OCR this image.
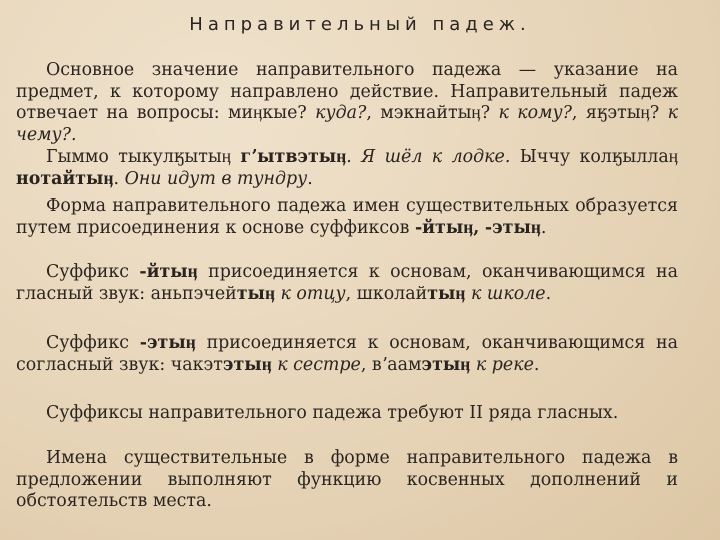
Направительный падеж.
Основное значение направительного падежа — указание на предмет, к которому направлено действие. Направительный падеж отвечает на вопросы: миӊкые? куда?, мэкнайтыӊ? к кому?, яӄэтыӊ? к чему?.
Гыммо тыкулӄытыӊ гʼытвэтыӊ. Я шёл к лодке. Ыччу колӄыллаӊ нотайтыӊ. Они идут в тундру.
Форма направительного падежа имен существительных образуется путем присоединения к основе суффиксов -йтыӊ, -этыӊ.
Суффикс -йтыӊ присоединяется к основам, оканчивающимся на гласный звук: аньпэчейтыӊ к отцу, школайтыӊ к школе.
Суффикс -этыӊ присоединяется к основам, оканчивающимся на согласный звук: чакэтэтыӊ к сестре, вʼаамэтыӊ к реке.
Суффиксы направительного падежа требуют II ряда гласных.
Имена существительные в форме направительного падежа в предложении выполняют функцию косвенных дополнений и обстоятельств места.
